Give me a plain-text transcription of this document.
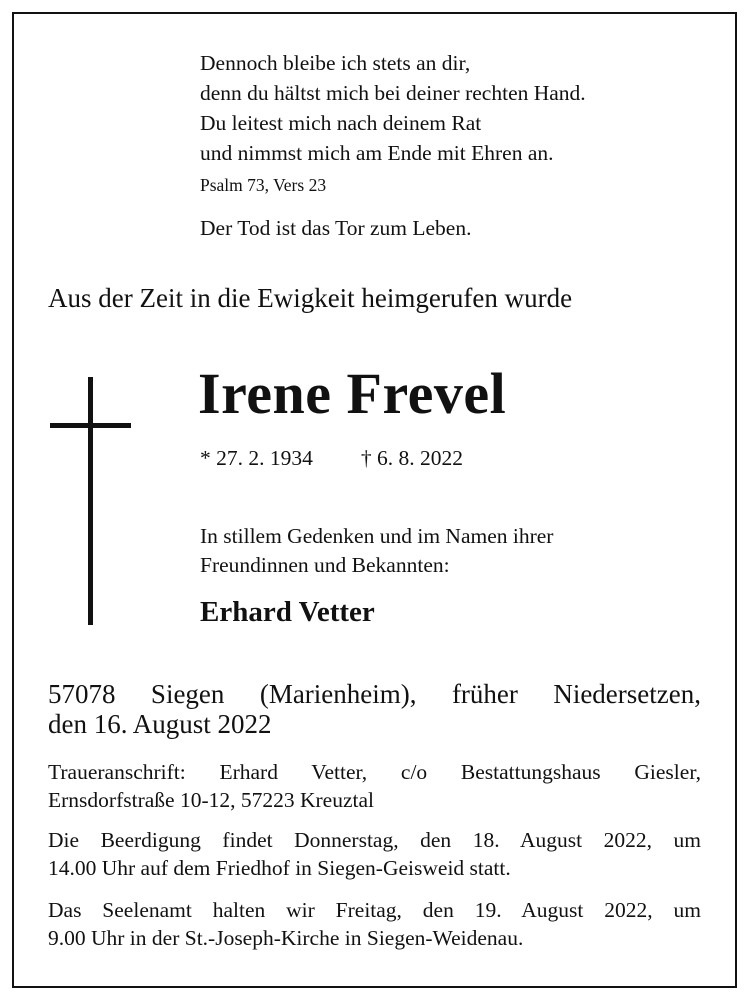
Dennoch bleibe ich stets an dir,
denn du hältst mich bei deiner rechten Hand.
Du leitest mich nach deinem Rat
und nimmst mich am Ende mit Ehren an.
Psalm 73, Vers 23
Der Tod ist das Tor zum Leben.
Aus der Zeit in die Ewigkeit heimgerufen wurde
Irene Frevel
* 27. 2. 1934 † 6. 8. 2022
In stillem Gedenken und im Namen ihrer
Freundinnen und Bekannten:
Erhard Vetter
57078 Siegen (Marienheim), früher Niedersetzen,
den 16. August 2022
Traueranschrift: Erhard Vetter, c/o Bestattungshaus Giesler,
Ernsdorfstraße 10-12, 57223 Kreuztal
Die Beerdigung findet Donnerstag, den 18. August 2022, um
14.00 Uhr auf dem Friedhof in Siegen-Geisweid statt.
Das Seelenamt halten wir Freitag, den 19. August 2022, um
9.00 Uhr in der St.-Joseph-Kirche in Siegen-Weidenau.
